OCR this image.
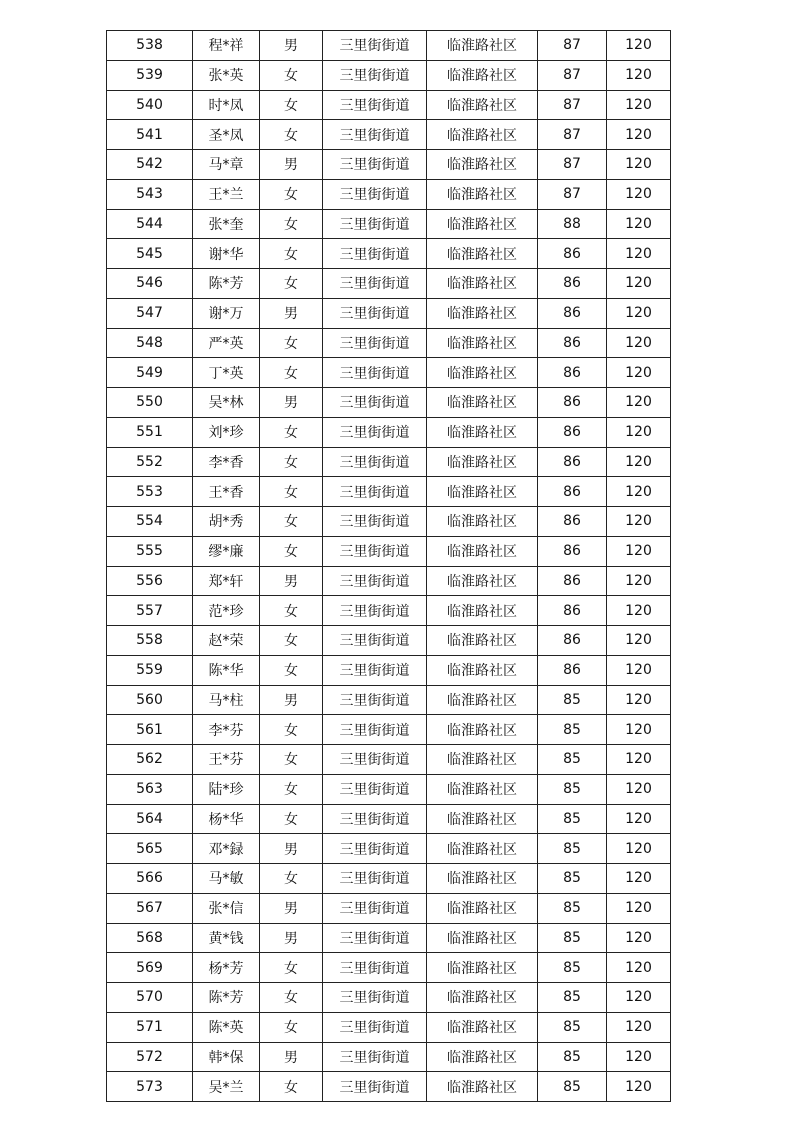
538	程*祥	男	三里街街道	临淮路社区	87	120
539	张*英	女	三里街街道	临淮路社区	87	120
540	时*凤	女	三里街街道	临淮路社区	87	120
541	圣*凤	女	三里街街道	临淮路社区	87	120
542	马*章	男	三里街街道	临淮路社区	87	120
543	王*兰	女	三里街街道	临淮路社区	87	120
544	张*奎	女	三里街街道	临淮路社区	88	120
545	谢*华	女	三里街街道	临淮路社区	86	120
546	陈*芳	女	三里街街道	临淮路社区	86	120
547	谢*万	男	三里街街道	临淮路社区	86	120
548	严*英	女	三里街街道	临淮路社区	86	120
549	丁*英	女	三里街街道	临淮路社区	86	120
550	吴*林	男	三里街街道	临淮路社区	86	120
551	刘*珍	女	三里街街道	临淮路社区	86	120
552	李*香	女	三里街街道	临淮路社区	86	120
553	王*香	女	三里街街道	临淮路社区	86	120
554	胡*秀	女	三里街街道	临淮路社区	86	120
555	缪*廉	女	三里街街道	临淮路社区	86	120
556	郑*轩	男	三里街街道	临淮路社区	86	120
557	范*珍	女	三里街街道	临淮路社区	86	120
558	赵*荣	女	三里街街道	临淮路社区	86	120
559	陈*华	女	三里街街道	临淮路社区	86	120
560	马*柱	男	三里街街道	临淮路社区	85	120
561	李*芬	女	三里街街道	临淮路社区	85	120
562	王*芬	女	三里街街道	临淮路社区	85	120
563	陆*珍	女	三里街街道	临淮路社区	85	120
564	杨*华	女	三里街街道	临淮路社区	85	120
565	邓*録	男	三里街街道	临淮路社区	85	120
566	马*敏	女	三里街街道	临淮路社区	85	120
567	张*信	男	三里街街道	临淮路社区	85	120
568	黄*钱	男	三里街街道	临淮路社区	85	120
569	杨*芳	女	三里街街道	临淮路社区	85	120
570	陈*芳	女	三里街街道	临淮路社区	85	120
571	陈*英	女	三里街街道	临淮路社区	85	120
572	韩*保	男	三里街街道	临淮路社区	85	120
573	吴*兰	女	三里街街道	临淮路社区	85	120
